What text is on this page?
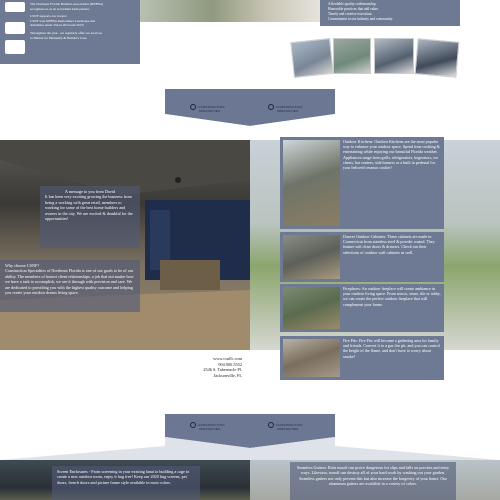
The Northeast Florida Builders Association (NEFBA)
recognizes us as an accredited trade partner.
CSNF supports our troops!
CSNF won NEFBA Remodelers Landscape and
Amenities under 25k in 2014 and 2015!
Throughout the year , we regularly offer our services
to Habitat for Humanity & Builder's Care.
Affordable quality craftsmanship.
Honorable practices that add value.
Timely and creative execution.
Commitment to our industry and community.
CONSTRUCTION
SPECIALTIES
CONSTRUCTION
SPECIALTIES
A message to you from David
It has been very exciting growing the business from being a working with great retail, members to working for some of the best home builders and owners in the city. We are excited & thankful for the opportunities!
Why choose CSNF?
Construction Specialties of Northeast Florida is one of our goals to be of our ability. The members of honest client relationships, a job that not matter how we have a task to accomplish, we see it through with precision and care. We are dedicated to providing you with the highest quality outcome and helping you create your outdoor dream living space.
Outdoor Kitchens: Outdoor Kitchens are the most popular way to enhance your outdoor space. Spend time cooking & entertaining while enjoying our beautiful Florida weather. Appliances range from grills, refrigerators, kegerators, ice chests, bar centers, side burners or a built in pedestal for your beloved ceramic cooker!
Danver Outdoor Cabinets: These cabinets are made in Connecticut from stainless steel & powder coated. They feature soft close doors & drawers. Check out their selections of outdoor wall cabinets as well.
Fireplaces: An outdoor fireplace will create ambiance in your outdoor living space. From stucco, stone, tile or tabby, we can create the perfect outdoor fireplace that will complement your home.
Fire Pits: Fire Pits will become a gathering area for family and friends. Convert it to a gas fire pit, and you can control the height of the flame, and don't have to worry about smoke!
www.csnflc.com
904.900.5552
2546 S. Tabernacle Pl.
Jacksonville, FL
CONSTRUCTION
SPECIALTIES
CONSTRUCTION
SPECIALTIES
Screen Enclosures - From screening in your existing lanai to building a cage to create a new outdoor room, enjoy it bug free! Keep our 2020 bug screens, pet doors, french doors and picture frame style available in most colors.
Seamless Gutters: Rain runoff can prove dangerous for slips and falls on porches and entry ways. Likewise, runoff can destroy all of your hard work by washing out your garden. Seamless gutters not only prevent this but also increase the longevity of your home. Our aluminum gutters are available in a variety of colors.
